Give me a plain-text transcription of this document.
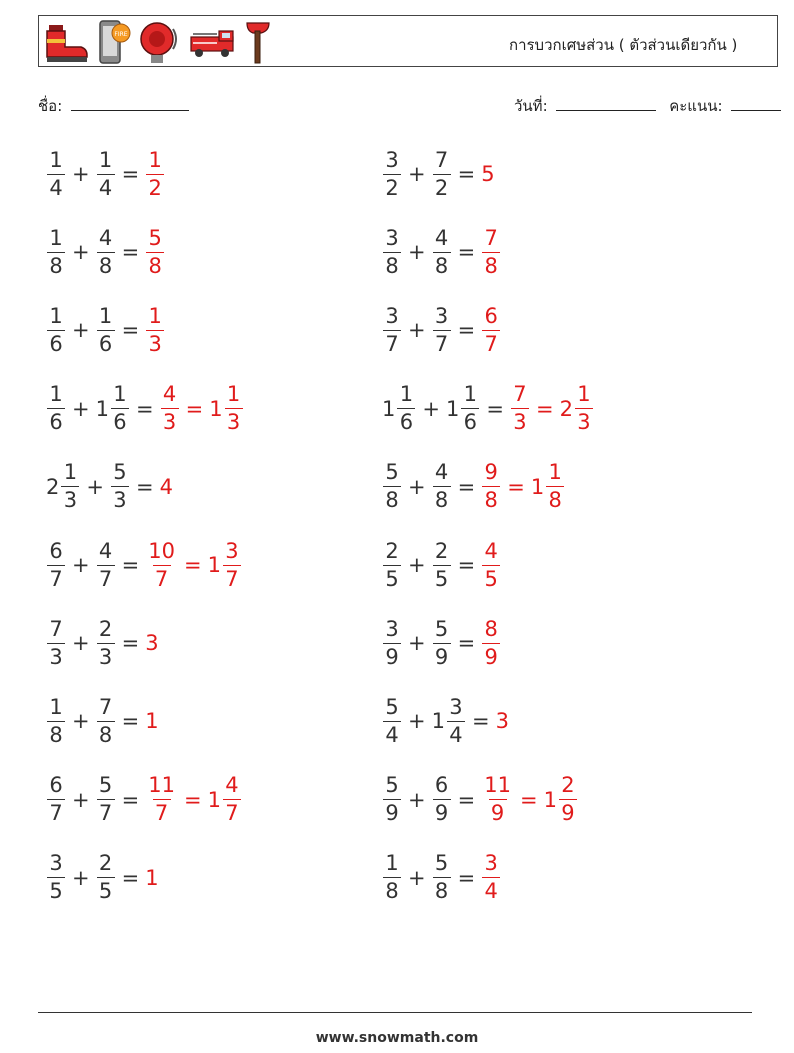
FIRE
การบวกเศษส่วน ( ตัวส่วนเดียวกัน )
ชื่อ:	วันที่:	คะแนน:
$\frac{1}{4} + \frac{1}{4} = \frac{1}{2}$	$\frac{3}{2} + \frac{7}{2} = 5$
$\frac{1}{8} + \frac{4}{8} = \frac{5}{8}$	$\frac{3}{8} + \frac{4}{8} = \frac{7}{8}$
$\frac{1}{6} + \frac{1}{6} = \frac{1}{3}$	$\frac{3}{7} + \frac{3}{7} = \frac{6}{7}$
$\frac{1}{6} + 1 \frac{1}{6} = \frac{4}{3} = 1 \frac{1}{3}$	$1 \frac{1}{6} + 1 \frac{1}{6} = \frac{7}{3} = 2 \frac{1}{3}$
$2 \frac{1}{3} + \frac{5}{3} = 4$	$\frac{5}{8} + \frac{4}{8} = \frac{9}{8} = 1 \frac{1}{8}$
$\frac{6}{7} + \frac{4}{7} = \frac{10}{7} = 1 \frac{3}{7}$	$\frac{2}{5} + \frac{2}{5} = \frac{4}{5}$
$\frac{7}{3} + \frac{2}{3} = 3$	$\frac{3}{9} + \frac{5}{9} = \frac{8}{9}$
$\frac{1}{8} + \frac{7}{8} = 1$	$\frac{5}{4} + 1 \frac{3}{4} = 3$
$\frac{6}{7} + \frac{5}{7} = \frac{11}{7} = 1 \frac{4}{7}$	$\frac{5}{9} + \frac{6}{9} = \frac{11}{9} = 1 \frac{2}{9}$
$\frac{3}{5} + \frac{2}{5} = 1$	$\frac{1}{8} + \frac{5}{8} = \frac{3}{4}$
www.snowmath.com
